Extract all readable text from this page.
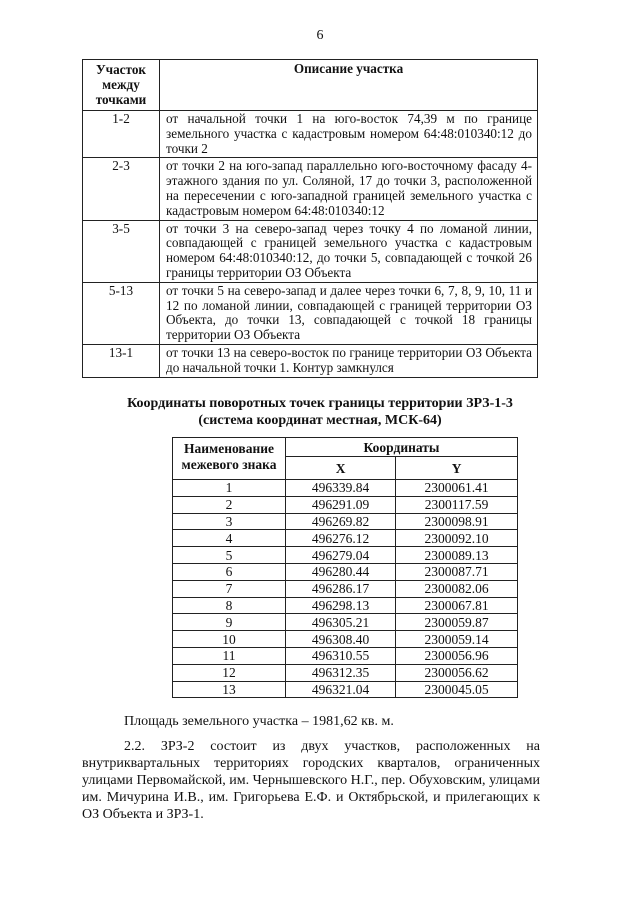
6
Участок между точками	Описание участка
1-2	от начальной точки 1 на юго-восток 74,39 м по границе земельного участка с кадастровым номером 64:48:010340:12 до точки 2
2-3	от точки 2 на юго-запад параллельно юго-восточному фасаду 4-этажного здания по ул. Соляной, 17 до точки 3, расположенной на пересечении с юго-западной границей земельного участка с кадастровым номером 64:48:010340:12
3-5	от точки 3 на северо-запад через точку 4 по ломаной линии, совпадающей с границей земельного участка с кадастровым номером 64:48:010340:12, до точки 5, совпадающей с точкой 26 границы территории ОЗ Объекта
5-13	от точки 5 на северо-запад и далее через точки 6, 7, 8, 9, 10, 11 и 12 по ломаной линии, совпадающей с границей территории ОЗ Объекта, до точки 13, совпадающей с точкой 18 границы территории ОЗ Объекта
13-1	от точки 13 на северо-восток по границе территории ОЗ Объекта до начальной точки 1. Контур замкнулся
Координаты поворотных точек границы территории ЗРЗ-1-3
(система координат местная, МСК-64)
Наименование межевого знака	Координаты	
	X	Y
1	496339.84	2300061.41
2	496291.09	2300117.59
3	496269.82	2300098.91
4	496276.12	2300092.10
5	496279.04	2300089.13
6	496280.44	2300087.71
7	496286.17	2300082.06
8	496298.13	2300067.81
9	496305.21	2300059.87
10	496308.40	2300059.14
11	496310.55	2300056.96
12	496312.35	2300056.62
13	496321.04	2300045.05
Площадь земельного участка – 1981,62 кв. м.
2.2. ЗРЗ-2 состоит из двух участков, расположенных на внутриквартальных территориях городских кварталов, ограниченных улицами Первомайской, им. Чернышевского Н.Г., пер. Обуховским, улицами им. Мичурина И.В., им. Григорьева Е.Ф. и Октябрьской, и прилегающих к ОЗ Объекта и ЗРЗ-1.
